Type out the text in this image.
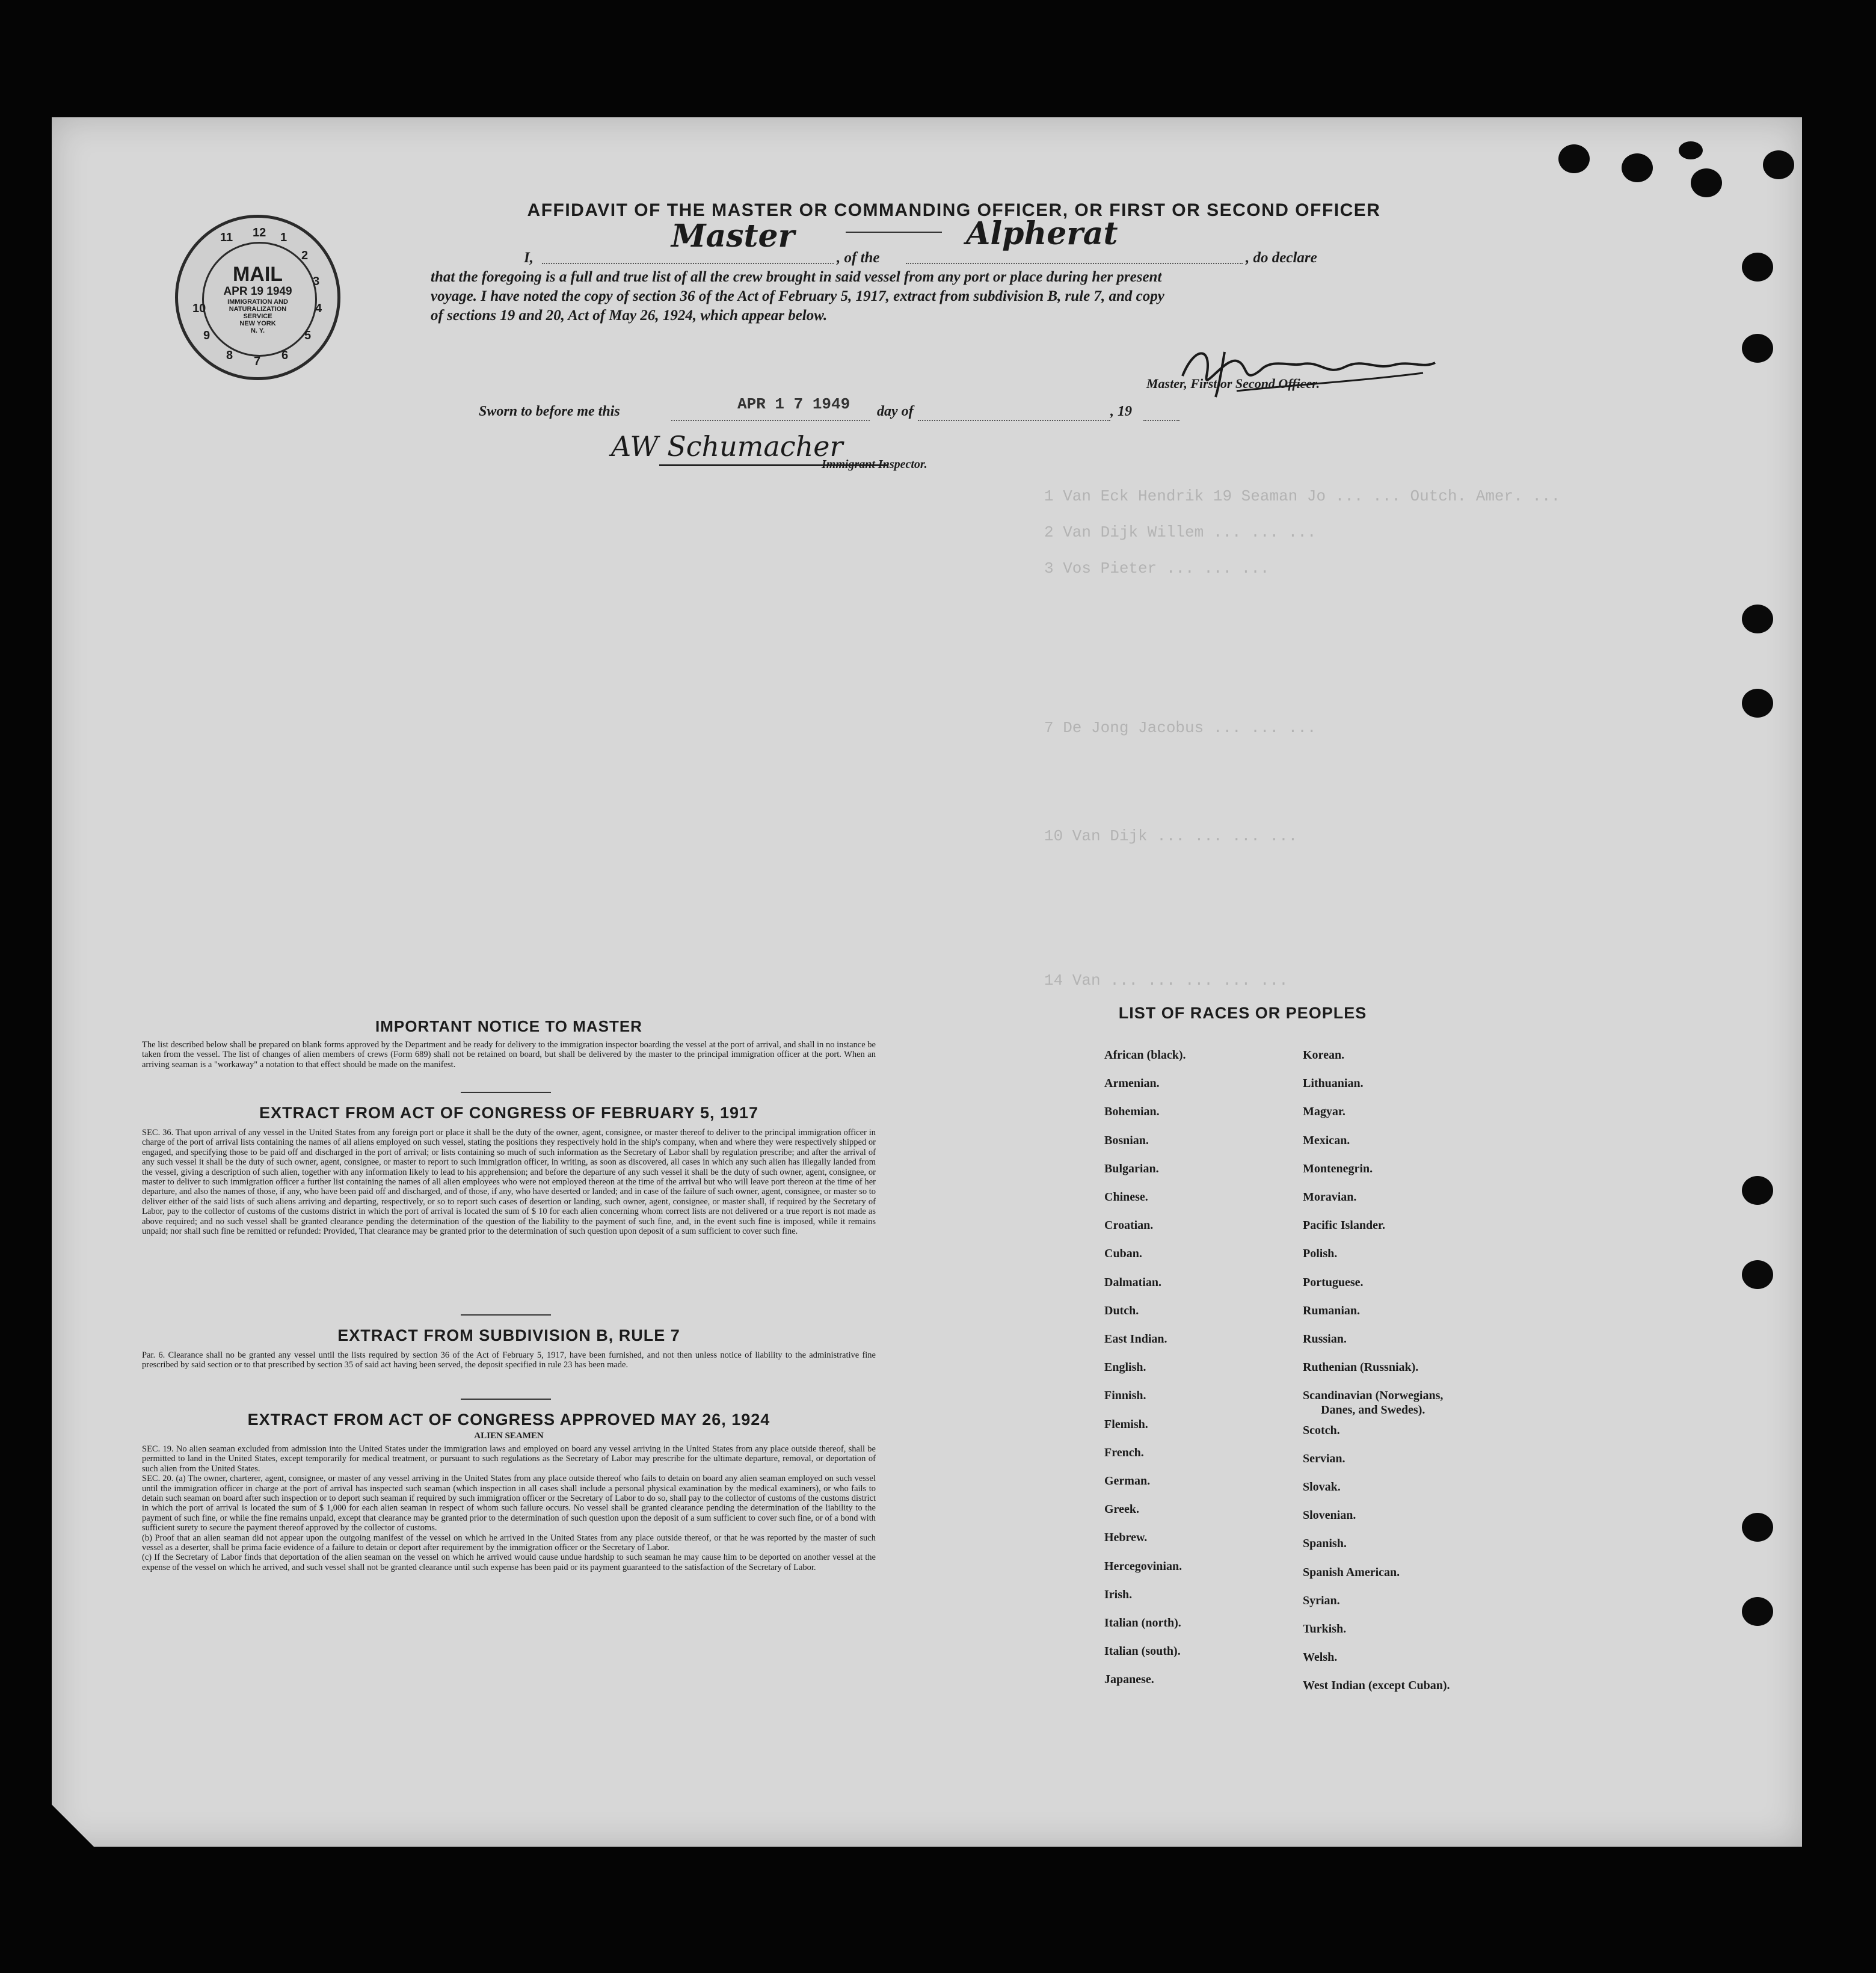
1 Van Eck Hendrik 19 Seaman Jo ... ... Outch. Amer. ...
2 Van Dijk Willem ... ... ...
3 Vos Pieter ... ... ...
7 De Jong Jacobus ... ... ...
10 Van Dijk ... ... ... ...
14 Van ... ... ... ... ...
12 1
2
3
4
5
6
7
8
9
10
11
MAIL
APR 19 1949
IMMIGRATION AND
NATURALIZATION
SERVICE
NEW YORK
N. Y.
AFFIDAVIT OF THE MASTER OR COMMANDING OFFICER, OR FIRST OR SECOND OFFICER
I,
Master
, of the
Alpherat
, do declare
that the foregoing is a full and true list of all the crew brought in said vessel from any port or place during her present
voyage. I have noted the copy of section 36 of the Act of February 5, 1917, extract from subdivision B, rule 7, and copy
of sections 19 and 20, Act of May 26, 1924, which appear below.
Master, First or Second Officer.
Sworn to before me this	APR 1 7 1949 day of	, 19
AW Schumacher
Immigrant Inspector.
IMPORTANT NOTICE TO MASTER
The list described below shall be prepared on blank forms approved by the Department and be ready for delivery to the immigration inspector boarding the vessel at the port of arrival, and shall in no instance be taken from the vessel. The list of changes of alien members of crews (Form 689) shall not be retained on board, but shall be delivered by the master to the principal immigration officer at the port. When an arriving seaman is a "workaway" a notation to that effect should be made on the manifest.
EXTRACT FROM ACT OF CONGRESS OF FEBRUARY 5, 1917
SEC. 36. That upon arrival of any vessel in the United States from any foreign port or place it shall be the duty of the owner, agent, consignee, or master thereof to deliver to the principal immigration officer in charge of the port of arrival lists containing the names of all aliens employed on such vessel, stating the positions they respectively hold in the ship's company, when and where they were respectively shipped or engaged, and specifying those to be paid off and discharged in the port of arrival; or lists containing so much of such information as the Secretary of Labor shall by regulation prescribe; and after the arrival of any such vessel it shall be the duty of such owner, agent, consignee, or master to report to such immigration officer, in writing, as soon as discovered, all cases in which any such alien has illegally landed from the vessel, giving a description of such alien, together with any information likely to lead to his apprehension; and before the departure of any such vessel it shall be the duty of such owner, agent, consignee, or master to deliver to such immigration officer a further list containing the names of all alien employees who were not employed thereon at the time of the arrival but who will leave port thereon at the time of her departure, and also the names of those, if any, who have been paid off and discharged, and of those, if any, who have deserted or landed; and in case of the failure of such owner, agent, consignee, or master so to deliver either of the said lists of such aliens arriving and departing, respectively, or so to report such cases of desertion or landing, such owner, agent, consignee, or master shall, if required by the Secretary of Labor, pay to the collector of customs of the customs district in which the port of arrival is located the sum of $ 10 for each alien concerning whom correct lists are not delivered or a true report is not made as above required; and no such vessel shall be granted clearance pending the determination of the question of the liability to the payment of such fine, and, in the event such fine is imposed, while it remains unpaid; nor shall such fine be remitted or refunded: Provided, That clearance may be granted prior to the determination of such question upon deposit of a sum sufficient to cover such fine.
EXTRACT FROM SUBDIVISION B, RULE 7
Par. 6. Clearance shall no be granted any vessel until the lists required by section 36 of the Act of February 5, 1917, have been furnished, and not then unless notice of liability to the administrative fine prescribed by said section or to that prescribed by section 35 of said act having been served, the deposit specified in rule 23 has been made.
EXTRACT FROM ACT OF CONGRESS APPROVED MAY 26, 1924
ALIEN SEAMEN
SEC. 19. No alien seaman excluded from admission into the United States under the immigration laws and employed on board any vessel arriving in the United States from any place outside thereof, shall be permitted to land in the United States, except temporarily for medical treatment, or pursuant to such regulations as the Secretary of Labor may prescribe for the ultimate departure, removal, or deportation of such alien from the United States.
SEC. 20. (a) The owner, charterer, agent, consignee, or master of any vessel arriving in the United States from any place outside thereof who fails to detain on board any alien seaman employed on such vessel until the immigration officer in charge at the port of arrival has inspected such seaman (which inspection in all cases shall include a personal physical examination by the medical examiners), or who fails to detain such seaman on board after such inspection or to deport such seaman if required by such immigration officer or the Secretary of Labor to do so, shall pay to the collector of customs of the customs district in which the port of arrival is located the sum of $ 1,000 for each alien seaman in respect of whom such failure occurs. No vessel shall be granted clearance pending the determination of the liability to the payment of such fine, or while the fine remains unpaid, except that clearance may be granted prior to the determination of such question upon the deposit of a sum sufficient to cover such fine, or of a bond with sufficient surety to secure the payment thereof approved by the collector of customs.
(b) Proof that an alien seaman did not appear upon the outgoing manifest of the vessel on which he arrived in the United States from any place outside thereof, or that he was reported by the master of such vessel as a deserter, shall be prima facie evidence of a failure to detain or deport after requirement by the immigration officer or the Secretary of Labor.
(c) If the Secretary of Labor finds that deportation of the alien seaman on the vessel on which he arrived would cause undue hardship to such seaman he may cause him to be deported on another vessel at the expense of the vessel on which he arrived, and such vessel shall not be granted clearance until such expense has been paid or its payment guaranteed to the satisfaction of the Secretary of Labor.
LIST OF RACES OR PEOPLES
African (black).
Armenian.
Bohemian.
Bosnian.
Bulgarian.
Chinese.
Croatian.
Cuban.
Dalmatian.
Dutch.
East Indian.
English.
Finnish.
Flemish.
French.
German.
Greek.
Hebrew.
Hercegovinian.
Irish.
Italian (north).
Italian (south).
Japanese.
Korean.
Lithuanian.
Magyar.
Mexican.
Montenegrin.
Moravian.
Pacific Islander.
Polish.
Portuguese.
Rumanian.
Russian.
Ruthenian (Russniak).
Scandinavian (Norwegians,
Danes, and Swedes).
Scotch.
Servian.
Slovak.
Slovenian.
Spanish.
Spanish American.
Syrian.
Turkish.
Welsh.
West Indian (except Cuban).
